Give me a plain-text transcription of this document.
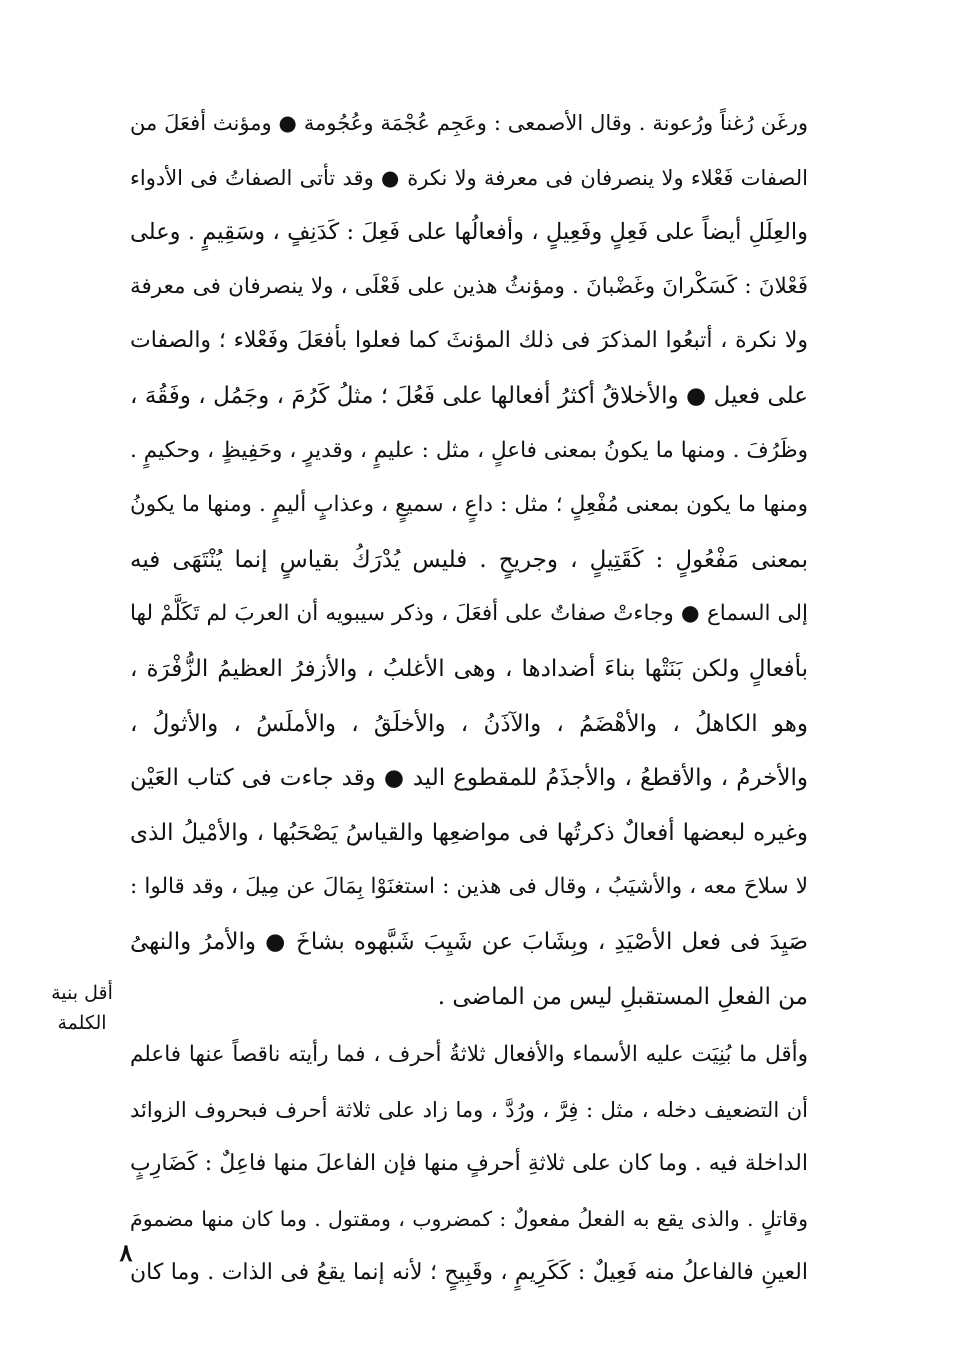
أقل بنية
الكلمة
ورغَن رُغناً ورُعونة . وقال الأصمعى : وعَجِم عُجْمَة وعُجُومة ● ومؤنث أفعَلَ من
الصفات فَعْلاء ولا ينصرفان فى معرفة ولا نكرة ● وقد تأتى الصفاتُ فى الأدواء
والعِلَلِ أيضاً على فَعِلٍ وفَعِيلٍ ، وأفعالُها على فَعِلَ : كَدَنِفٍ ، وسَقِيمٍ . وعلى
فَعْلانَ : كَسَكْرانَ وغَضْبانَ . ومؤنثُ هذين على فَعْلَى ، ولا ينصرفان فى معرفة
ولا نكرة ، أتبعُوا المذكرَ فى ذلك المؤنثَ كما فعلوا بأفعَلَ وفَعْلاء ؛ والصفات
على فعيل ● والأخلاقُ أكثرُ أفعالها على فَعُلَ ؛ مثلُ كَرُمَ ، وجَمُل ، وفَقُهَ ،
وظَرُفَ . ومنها ما يكونُ بمعنى فاعلٍ ، مثل : عليمٍ ، وقديرٍ ، وحَفِيظٍ ، وحكيمٍ .
ومنها ما يكون بمعنى مُفْعِلٍ ؛ مثل : داعٍ ، سميعٍ ، وعذابٍ أليمٍ . ومنها ما يكونُ
بمعنى مَفْعُولٍ : كَقَتِيلٍ ، وجريحٍ . فليس يُدْرَكُ بقياسٍ إنما يُنْتَهَى فيه
إلى السماع ● وجاءتْ صفاتٌ على أفعَلَ ، وذكر سيبويه أن العربَ لم تَكَلَّمْ لها
بأفعالٍ ولكن بَنَتْها بناءَ أضدادها ، وهى الأغلبُ ، والأزفرُ العظيمُ الزُّفْرَة ،
وهو الكاهلُ ، والأهْضَمُ ، والآذَنُ ، والأخلَقُ ، والأملَسُ ، والأثولُ ،
والأخرمُ ، والأقطعُ ، والأجذَمُ للمقطوع اليد ● وقد جاءت فى كتاب العَيْن
وغيره لبعضها أفعالٌ ذكرتُها فى مواضعِها والقياسُ يَصْحَبُها ، والأمْيلُ الذى
لا سلاحَ معه ، والأشيَبُ ، وقال فى هذين : استغنَوْا بِمَالَ عن مِيلَ ، وقد قالوا :
صَيِدَ فى فعل الأصْيَدِ ، وبِشَابَ عن شَيِبَ شَبَّهوه بشاخَ ● والأمرُ والنهىُ
من الفعلِ المستقبلِ ليس من الماضى .
وأقل ما بُنِيَت عليه الأسماء والأفعال ثلاثةُ أحرف ، فما رأيته ناقصاً عنها فاعلم
أن التضعيف دخله ، مثل : فِرَّ ، ورُدَّ ، وما زاد على ثلاثة أحرف فبحروف الزوائد
الداخلة فيه . وما كان على ثلاثةِ أحرفٍ منها فإن الفاعلَ منها فاعِلٌ : كَضَارِبٍ
وقاتلٍ . والذى يقع به الفعلُ مفعولٌ : كمضروب ، ومقتول . وما كان منها مضمومَ
العينِ فالفاعلُ منه فَعِيلٌ : كَكَرِيمٍ ، وقَبِيحٍ ؛ لأنه إنما يقعُ فى الذات . وما كان
٨
